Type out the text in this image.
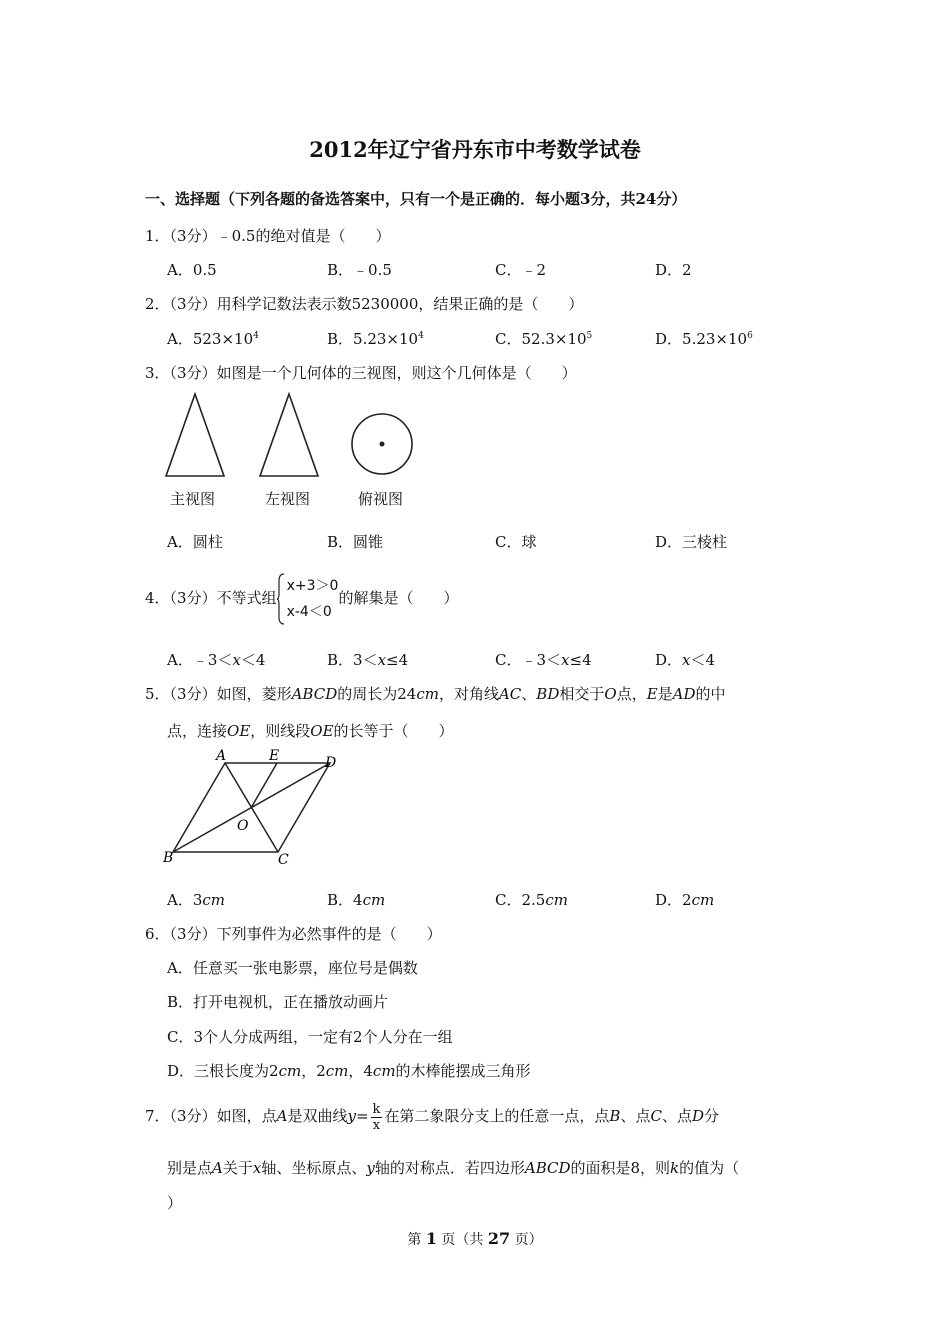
2012年辽宁省丹东市中考数学试卷
一、选择题（下列各题的备选答案中，只有一个是正确的．每小题3分，共24分）
1．（3分）﹣0.5的绝对值是（　　）
A．0.5	B．﹣0.5	C．﹣2	D．2
2．（3分）用科学记数法表示数5230000，结果正确的是（　　）
A．$523\times 10^4$	B．$5.23\times 10^4$	C．$52.3\times 10^5$	D．$5.23\times 10^6$
3．（3分）如图是一个几何体的三视图，则这个几何体是（　　）
主视图	左视图	俯视图
A．圆柱	B．圆锥	C．球	D．三棱柱
4．（3分）不等式组
x+3＞0
x-4＜0
的解集是（　　）
A．﹣3＜x＜4	B．3＜x≤4	C．﹣3＜x≤4	D．x＜4
5．（3分）如图，菱形ABCD的周长为24cm，对角线AC、BD相交于O点，E是AD的中
点，连接OE，则线段OE的长等于（　　）
A	E	D
O
B	C
A．3cm	B．4cm	C．2.5cm	D．2cm
6．（3分）下列事件为必然事件的是（　　）
A．任意买一张电影票，座位号是偶数
B．打开电视机，正在播放动画片
C．3个人分成两组，一定有2个人分在一组
D．三根长度为2cm，2cm，4cm的木棒能摆成三角形
7．（3分）如图，点A是双曲线$y= \frac{k}{x}$ 在第二象限分支上的任意一点，点B、点C、点D分
别是点A关于x轴、坐标原点、y轴的对称点．若四边形ABCD的面积是8，则k的值为（
）
第 1 页（共 27 页）
